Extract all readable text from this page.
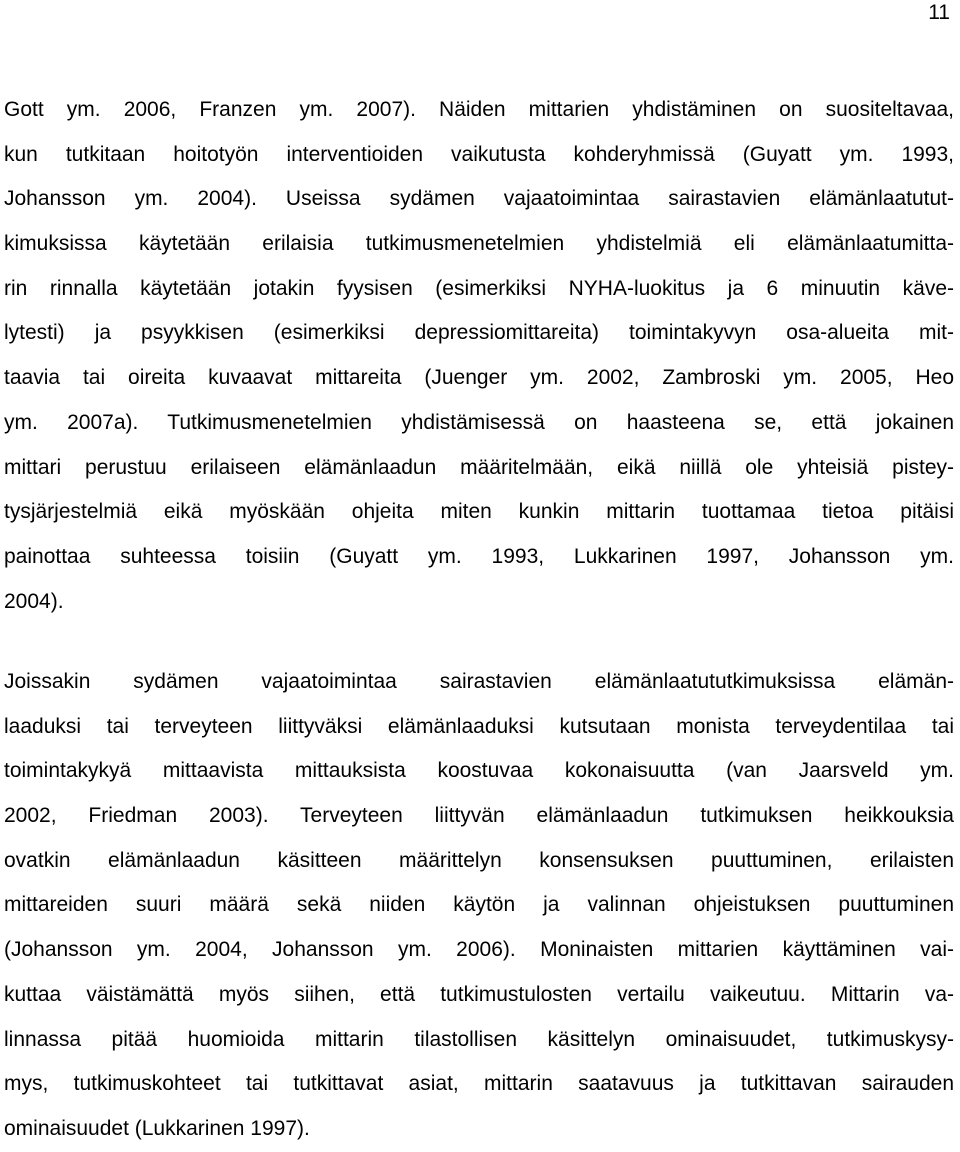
11
Gott ym. 2006, Franzen ym. 2007). Näiden mittarien yhdistäminen on suositeltavaa,
kun tutkitaan hoitotyön interventioiden vaikutusta kohderyhmissä (Guyatt ym. 1993,
Johansson ym. 2004). Useissa sydämen vajaatoimintaa sairastavien elämänlaatutut-
kimuksissa käytetään erilaisia tutkimusmenetelmien yhdistelmiä eli elämänlaatumitta-
rin rinnalla käytetään jotakin fyysisen (esimerkiksi NYHA-luokitus ja 6 minuutin käve-
lytesti) ja psyykkisen (esimerkiksi depressiomittareita) toimintakyvyn osa-alueita mit-
taavia tai oireita kuvaavat mittareita (Juenger ym. 2002, Zambroski ym. 2005, Heo
ym. 2007a). Tutkimusmenetelmien yhdistämisessä on haasteena se, että jokainen
mittari perustuu erilaiseen elämänlaadun määritelmään, eikä niillä ole yhteisiä pistey-
tysjärjestelmiä eikä myöskään ohjeita miten kunkin mittarin tuottamaa tietoa pitäisi
painottaa suhteessa toisiin (Guyatt ym. 1993, Lukkarinen 1997, Johansson ym.
2004).
Joissakin sydämen vajaatoimintaa sairastavien elämänlaatututkimuksissa elämän-
laaduksi tai terveyteen liittyväksi elämänlaaduksi kutsutaan monista terveydentilaa tai
toimintakykyä mittaavista mittauksista koostuvaa kokonaisuutta (van Jaarsveld ym.
2002, Friedman 2003). Terveyteen liittyvän elämänlaadun tutkimuksen heikkouksia
ovatkin elämänlaadun käsitteen määrittelyn konsensuksen puuttuminen, erilaisten
mittareiden suuri määrä sekä niiden käytön ja valinnan ohjeistuksen puuttuminen
(Johansson ym. 2004, Johansson ym. 2006). Moninaisten mittarien käyttäminen vai-
kuttaa väistämättä myös siihen, että tutkimustulosten vertailu vaikeutuu. Mittarin va-
linnassa pitää huomioida mittarin tilastollisen käsittelyn ominaisuudet, tutkimuskysy-
mys, tutkimuskohteet tai tutkittavat asiat, mittarin saatavuus ja tutkittavan sairauden
ominaisuudet (Lukkarinen 1997).
